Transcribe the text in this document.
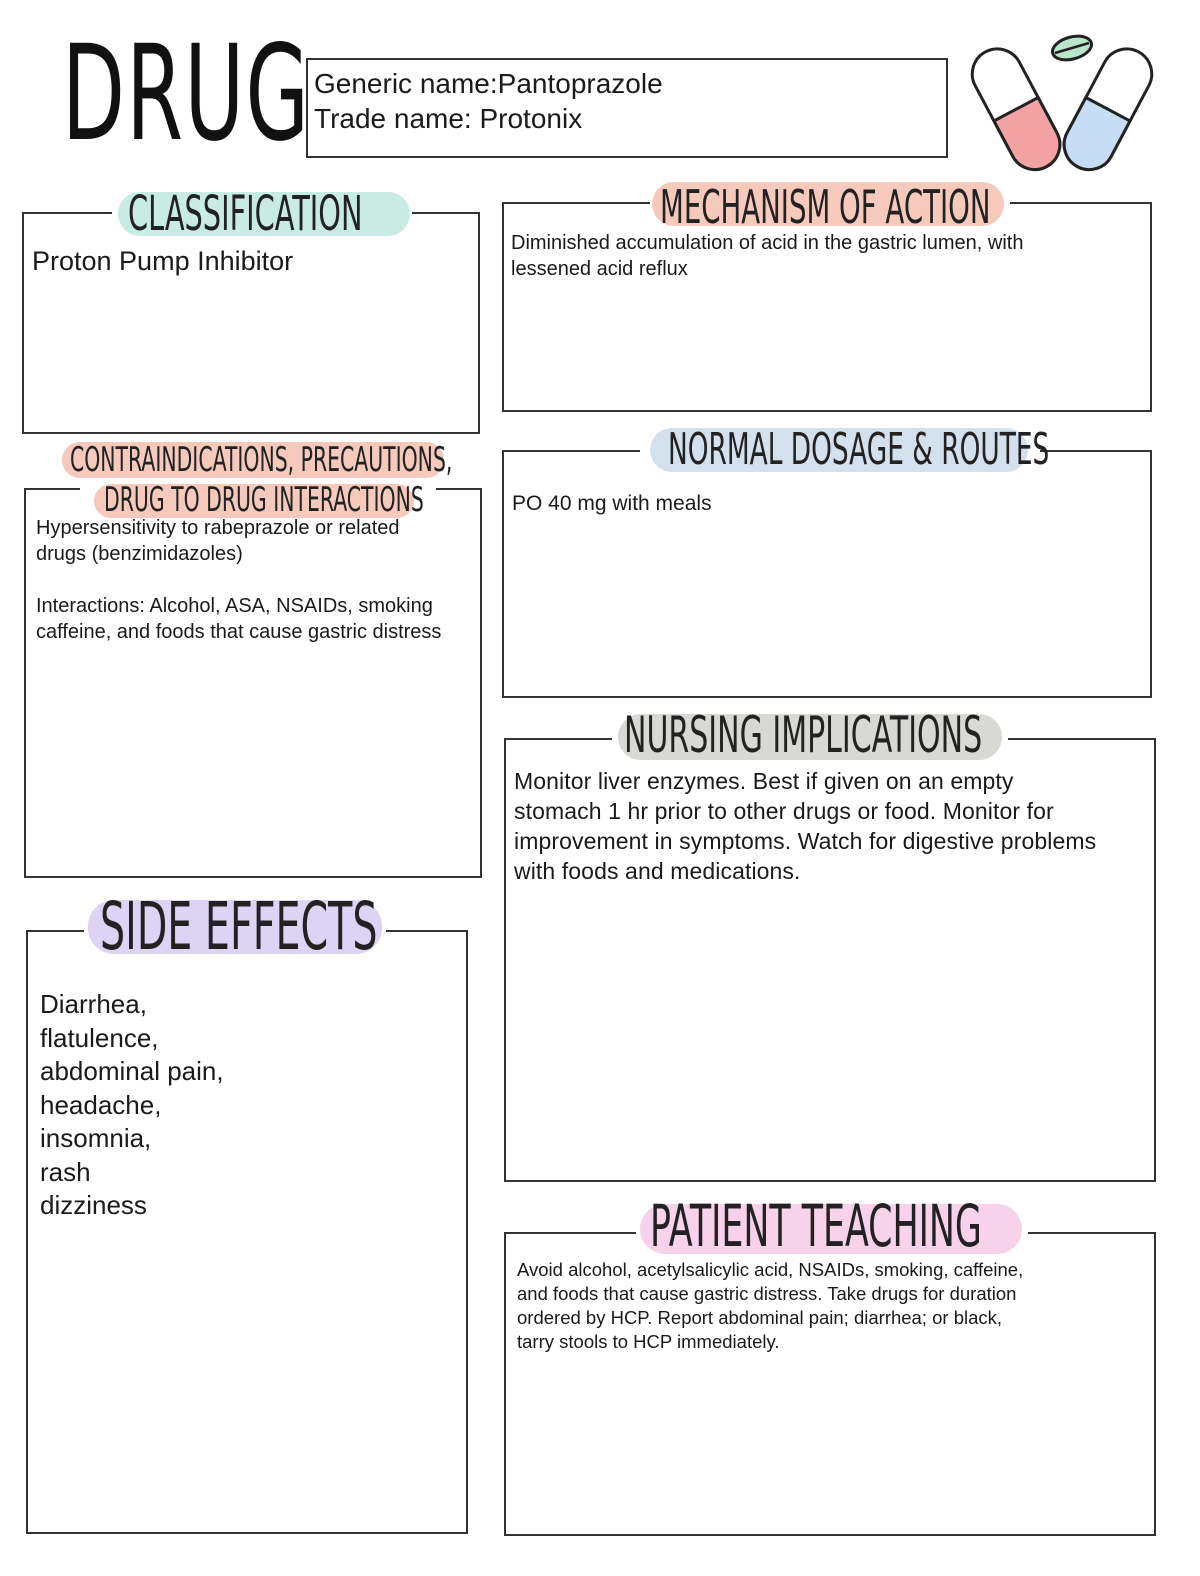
DRUG Generic name:Pantoprazole
Trade name: Protonix
CLASSIFICATION
Proton Pump Inhibitor
MECHANISM OF ACTION
Diminished accumulation of acid in the gastric lumen, with
lessened acid reflux
CONTRAINDICATIONS, PRECAUTIONS,
DRUG TO DRUG INTERACTIONS
Hypersensitivity to rabeprazole or related
drugs (benzimidazoles)
Interactions: Alcohol, ASA, NSAIDs, smoking
caffeine, and foods that cause gastric distress
NORMAL DOSAGE & ROUTES
PO 40 mg with meals
NURSING IMPLICATIONS
Monitor liver enzymes. Best if given on an empty
stomach 1 hr prior to other drugs or food. Monitor for
improvement in symptoms. Watch for digestive problems
with foods and medications.
SIDE EFFECTS
Diarrhea,
flatulence,
abdominal pain,
headache,
insomnia,
rash
dizziness	PATIENT TEACHING
Avoid alcohol, acetylsalicylic acid, NSAIDs, smoking, caffeine,
and foods that cause gastric distress. Take drugs for duration
ordered by HCP. Report abdominal pain; diarrhea; or black,
tarry stools to HCP immediately.
